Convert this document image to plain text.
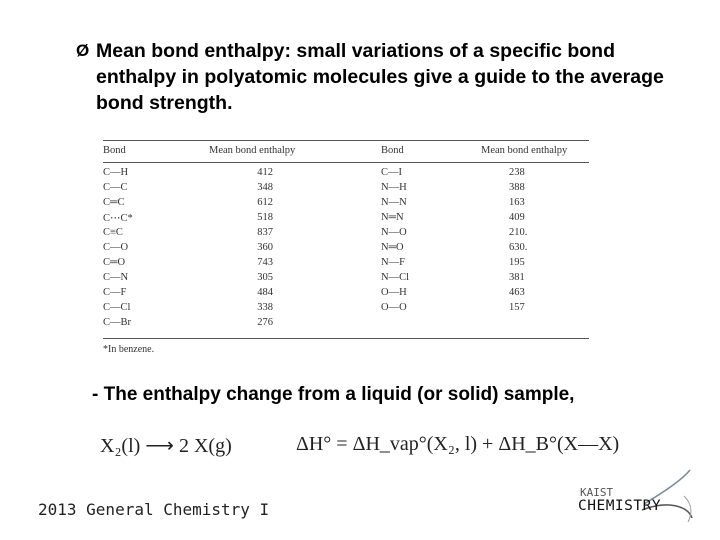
Ø Mean bond enthalpy: small variations of a specific bond enthalpy in polyatomic molecules give a guide to the average bond strength.
Bond	Mean bond enthalpy	Bond	Mean bond enthalpy
C—H	412	C—I	238
C—C	348	N—H	388
C═C	612	N—N	163
C⋯C*	518	N═N	409
C≡C	837	N—O	210.
C—O	360	N═O	630.
C═O	743	N—F	195
C—N	305	N—Cl	381
C—F	484	O—H	463
C—Cl	338	O—O	157
C—Br	276
*In benzene.
- The enthalpy change from a liquid (or solid) sample,
X₂(l) ⟶ 2 X(g)	ΔH° = ΔH_vap°(X₂, l) + ΔH_B°(X—X)
2013 General Chemistry I
KAIST
CHEMISTRY
